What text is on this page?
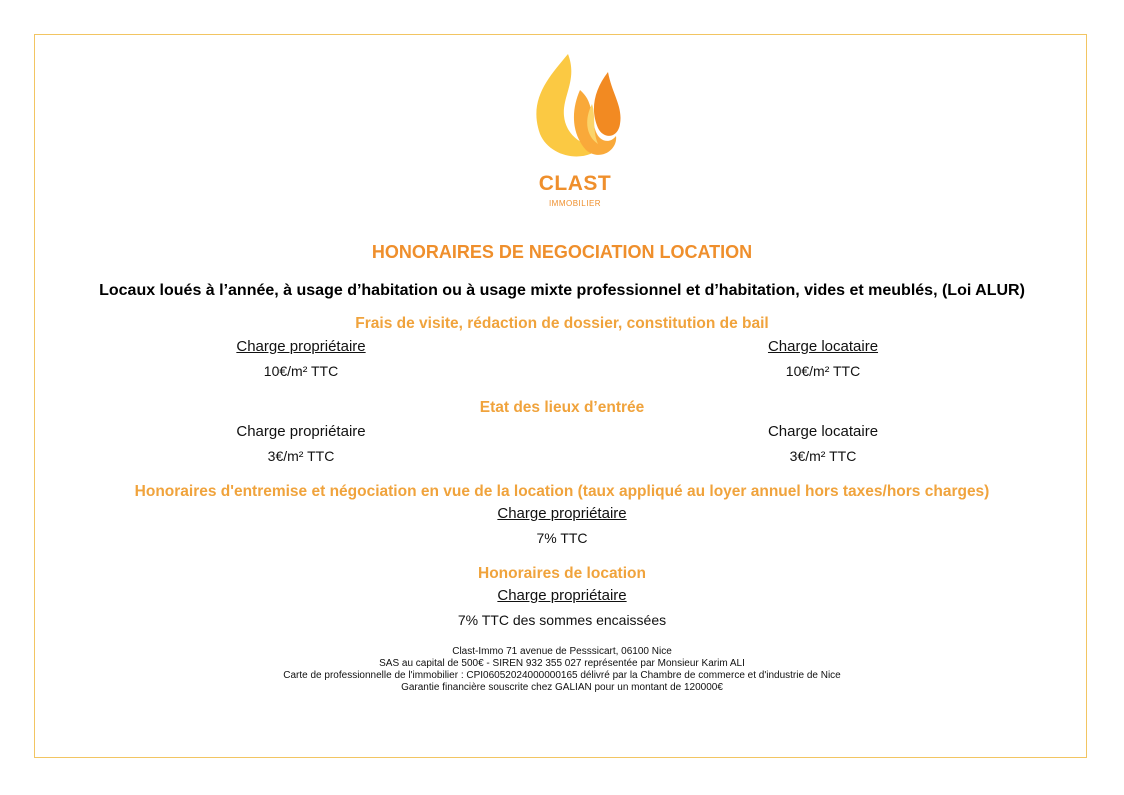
CLAST
IMMOBILIER
HONORAIRES DE NEGOCIATION LOCATION
Locaux loués à l’année, à usage d’habitation ou à usage mixte professionnel et d’habitation, vides et meublés, (Loi ALUR)
Frais de visite, rédaction de dossier, constitution de bail
Charge propriétaire	Charge locataire
10€/m² TTC	10€/m² TTC
Etat des lieux d’entrée
Charge propriétaire	Charge locataire
3€/m² TTC	3€/m² TTC
Honoraires d'entremise et négociation en vue de la location (taux appliqué au loyer annuel hors taxes/hors charges)
Charge propriétaire
7% TTC
Honoraires de location
Charge propriétaire
7% TTC des sommes encaissées
Clast-Immo 71 avenue de Pesssicart, 06100 Nice
SAS au capital de 500€ - SIREN 932 355 027 représentée par Monsieur Karim ALI
Carte de professionnelle de l'immobilier : CPI06052024000000165 délivré par la Chambre de commerce et d'industrie de Nice
Garantie financière souscrite chez GALIAN pour un montant de 120000€
